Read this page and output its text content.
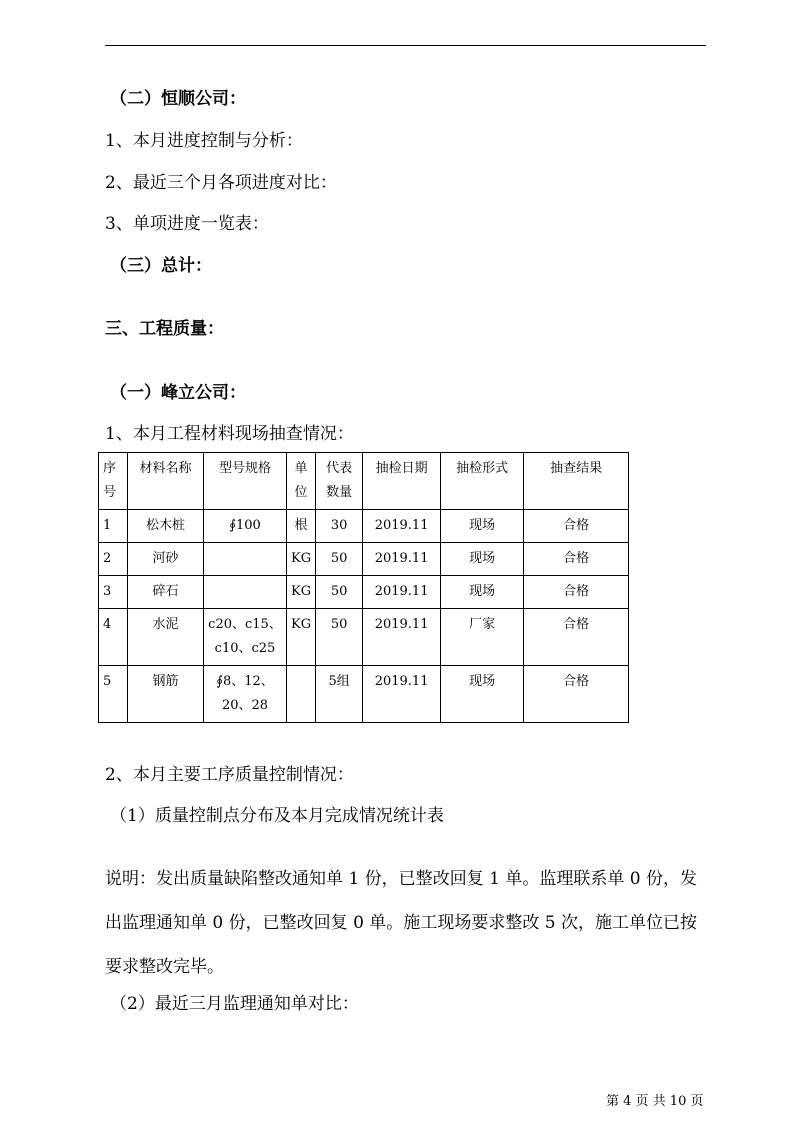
（二）恒顺公司：
1、本月进度控制与分析：
2、最近三个月各项进度对比：
3、单项进度一览表：
（三）总计：
三、工程质量：
（一）峰立公司：
1、本月工程材料现场抽查情况：
序号	材料名称	型号规格	单位	代表数量	抽检日期	抽检形式	抽查结果
1	松木桩	∮100	根	30	2019.11	现场	合格
2	河砂		KG	50	2019.11	现场	合格
3	碎石		KG	50	2019.11	现场	合格
4	水泥	c20、c15、c10、c25	KG	50	2019.11	厂家	合格
5	钢筋	∮8、12、20、28		5组	2019.11	现场	合格
2、本月主要工序质量控制情况：
（1）质量控制点分布及本月完成情况统计表
说明：发出质量缺陷整改通知单 1 份，已整改回复 1 单。监理联系单 0 份，发出监理通知单 0 份，已整改回复 0 单。施工现场要求整改 5 次，施工单位已按要求整改完毕。
（2）最近三月监理通知单对比：
第 4 页 共 10 页
